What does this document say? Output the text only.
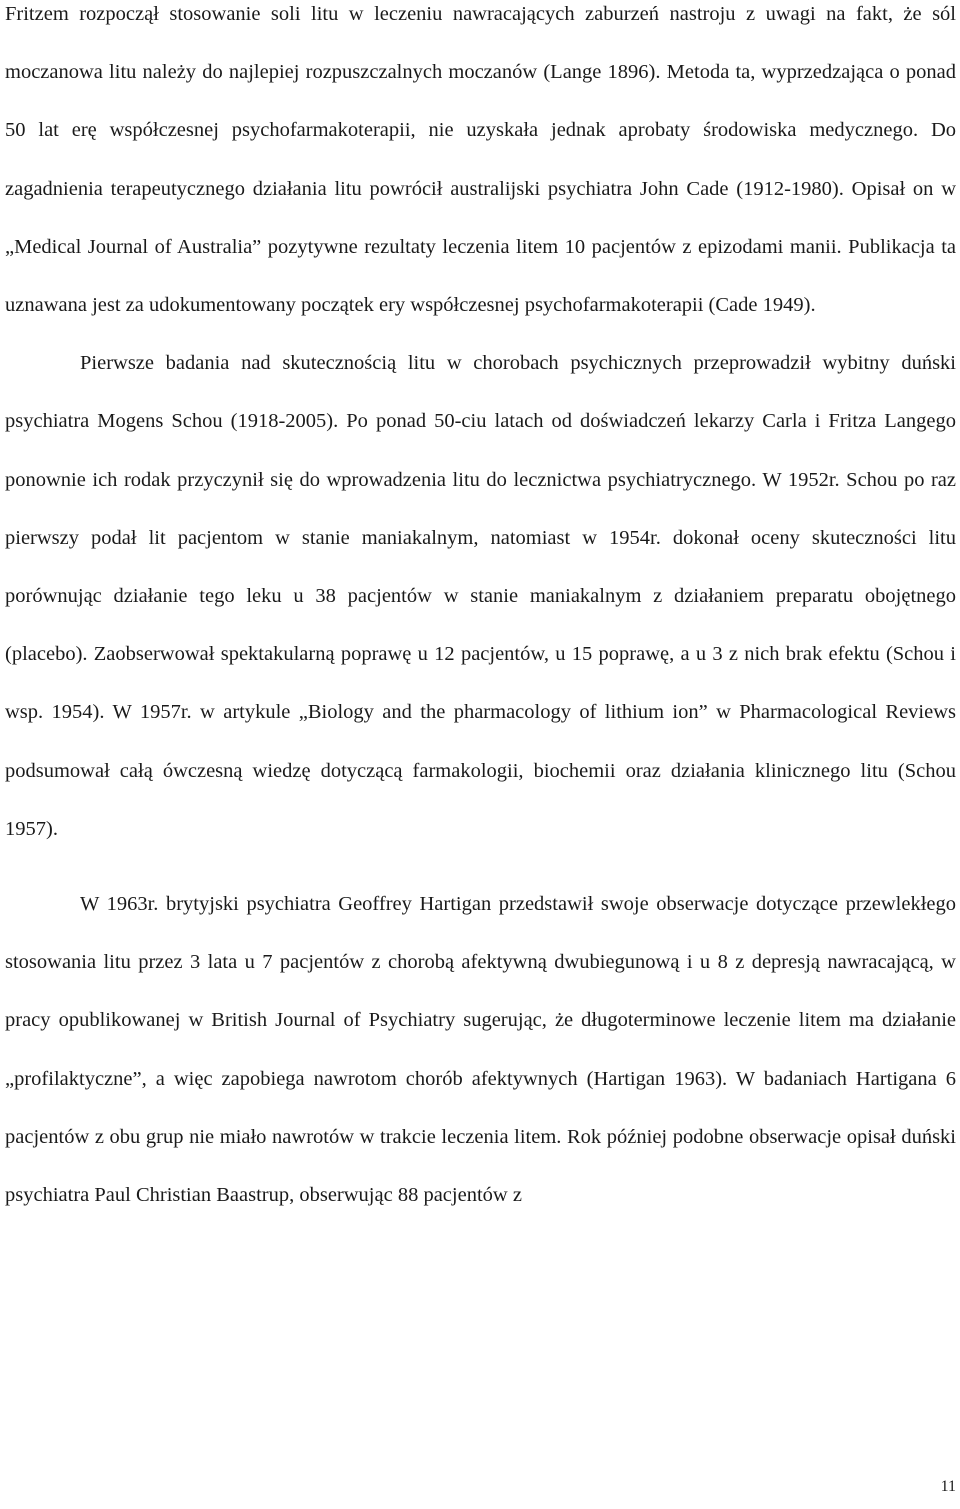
Fritzem rozpoczął stosowanie soli litu w leczeniu nawracających zaburzeń nastroju z uwagi na fakt, że sól moczanowa litu należy do najlepiej rozpuszczalnych moczanów (Lange 1896). Metoda ta, wyprzedzająca o ponad 50 lat erę współczesnej psychofarmakoterapii, nie uzyskała jednak aprobaty środowiska medycznego. Do zagadnienia terapeutycznego działania litu powrócił australijski psychiatra John Cade (1912-1980). Opisał on w „Medical Journal of Australia” pozytywne rezultaty leczenia litem 10 pacjentów z epizodami manii. Publikacja ta uznawana jest za udokumentowany początek ery współczesnej psychofarmakoterapii (Cade 1949).

Pierwsze badania nad skutecznością litu w chorobach psychicznych przeprowadził wybitny duński psychiatra Mogens Schou (1918-2005). Po ponad 50-ciu latach od doświadczeń lekarzy Carla i Fritza Langego ponownie ich rodak przyczynił się do wprowadzenia litu do lecznictwa psychiatrycznego. W 1952r. Schou po raz pierwszy podał lit pacjentom w stanie maniakalnym, natomiast w 1954r. dokonał oceny skuteczności litu porównując działanie tego leku u 38 pacjentów w stanie maniakalnym z działaniem preparatu obojętnego (placebo). Zaobserwował spektakularną poprawę u 12 pacjentów, u 15 poprawę, a u 3 z nich brak efektu (Schou i wsp. 1954). W 1957r. w artykule „Biology and the pharmacology of lithium ion” w Pharmacological Reviews podsumował całą ówczesną wiedzę dotyczącą farmakologii, biochemii oraz działania klinicznego litu (Schou 1957).

W 1963r. brytyjski psychiatra Geoffrey Hartigan przedstawił swoje obserwacje dotyczące przewlekłego stosowania litu przez 3 lata u 7 pacjentów z chorobą afektywną dwubiegunową i u 8 z depresją nawracającą, w pracy opublikowanej w British Journal of Psychiatry sugerując, że długoterminowe leczenie litem ma działanie „profilaktyczne”, a więc zapobiega nawrotom chorób afektywnych (Hartigan 1963). W badaniach Hartigana 6 pacjentów z obu grup nie miało nawrotów w trakcie leczenia litem. Rok później podobne obserwacje opisał duński psychiatra Paul Christian Baastrup, obserwując 88 pacjentów z

11
